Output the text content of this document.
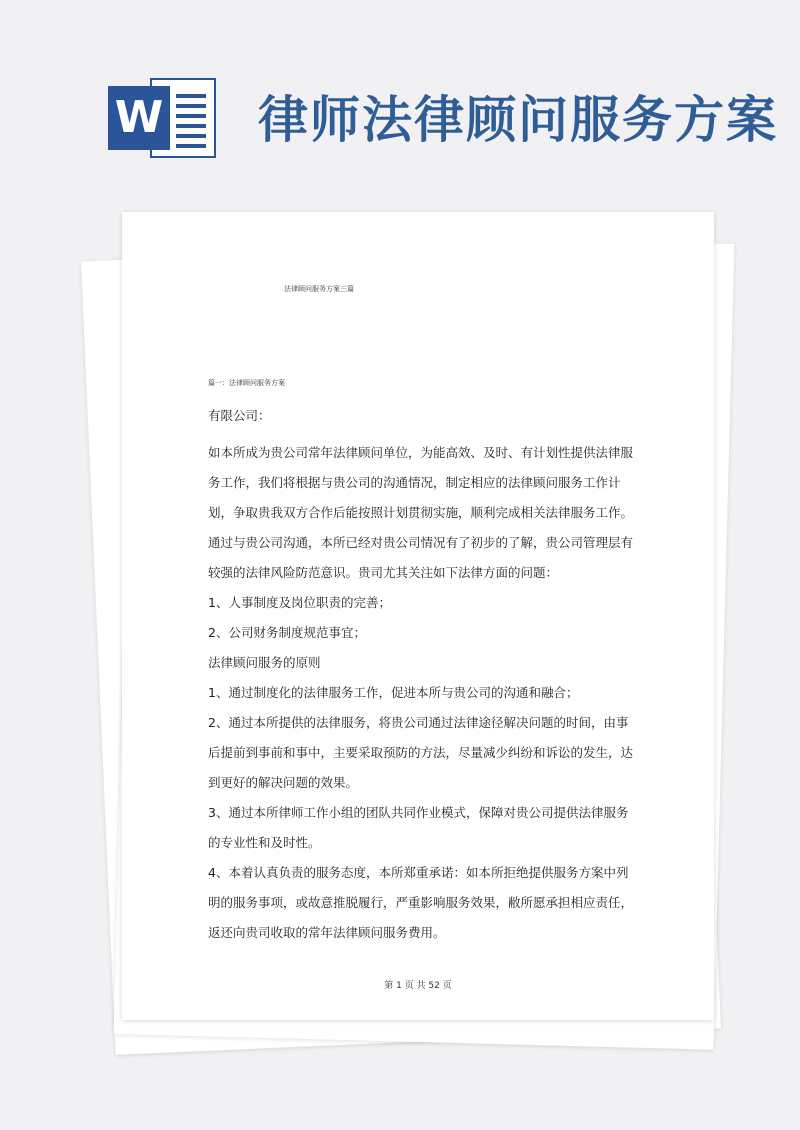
W 律师法律顾问服务方案
法律顾问服务方案三篇
篇一：法律顾问服务方案
有限公司：
如本所成为贵公司常年法律顾问单位，为能高效、及时、有计划性提供法律服
务工作，我们将根据与贵公司的沟通情况，制定相应的法律顾问服务工作计
划，争取贵我双方合作后能按照计划贯彻实施，顺利完成相关法律服务工作。
通过与贵公司沟通，本所已经对贵公司情况有了初步的了解，贵公司管理层有
较强的法律风险防范意识。贵司尤其关注如下法律方面的问题：
1、人事制度及岗位职责的完善；
2、公司财务制度规范事宜；
法律顾问服务的原则
1、通过制度化的法律服务工作，促进本所与贵公司的沟通和融合；
2、通过本所提供的法律服务，将贵公司通过法律途径解决问题的时间，由事
后提前到事前和事中，主要采取预防的方法，尽量减少纠纷和诉讼的发生，达
到更好的解决问题的效果。
3、通过本所律师工作小组的团队共同作业模式，保障对贵公司提供法律服务
的专业性和及时性。
4、本着认真负责的服务态度，本所郑重承诺：如本所拒绝提供服务方案中列
明的服务事项，或故意推脱履行，严重影响服务效果，敝所愿承担相应责任，
返还向贵司收取的常年法律顾问服务费用。
第 1 页 共 52 页
